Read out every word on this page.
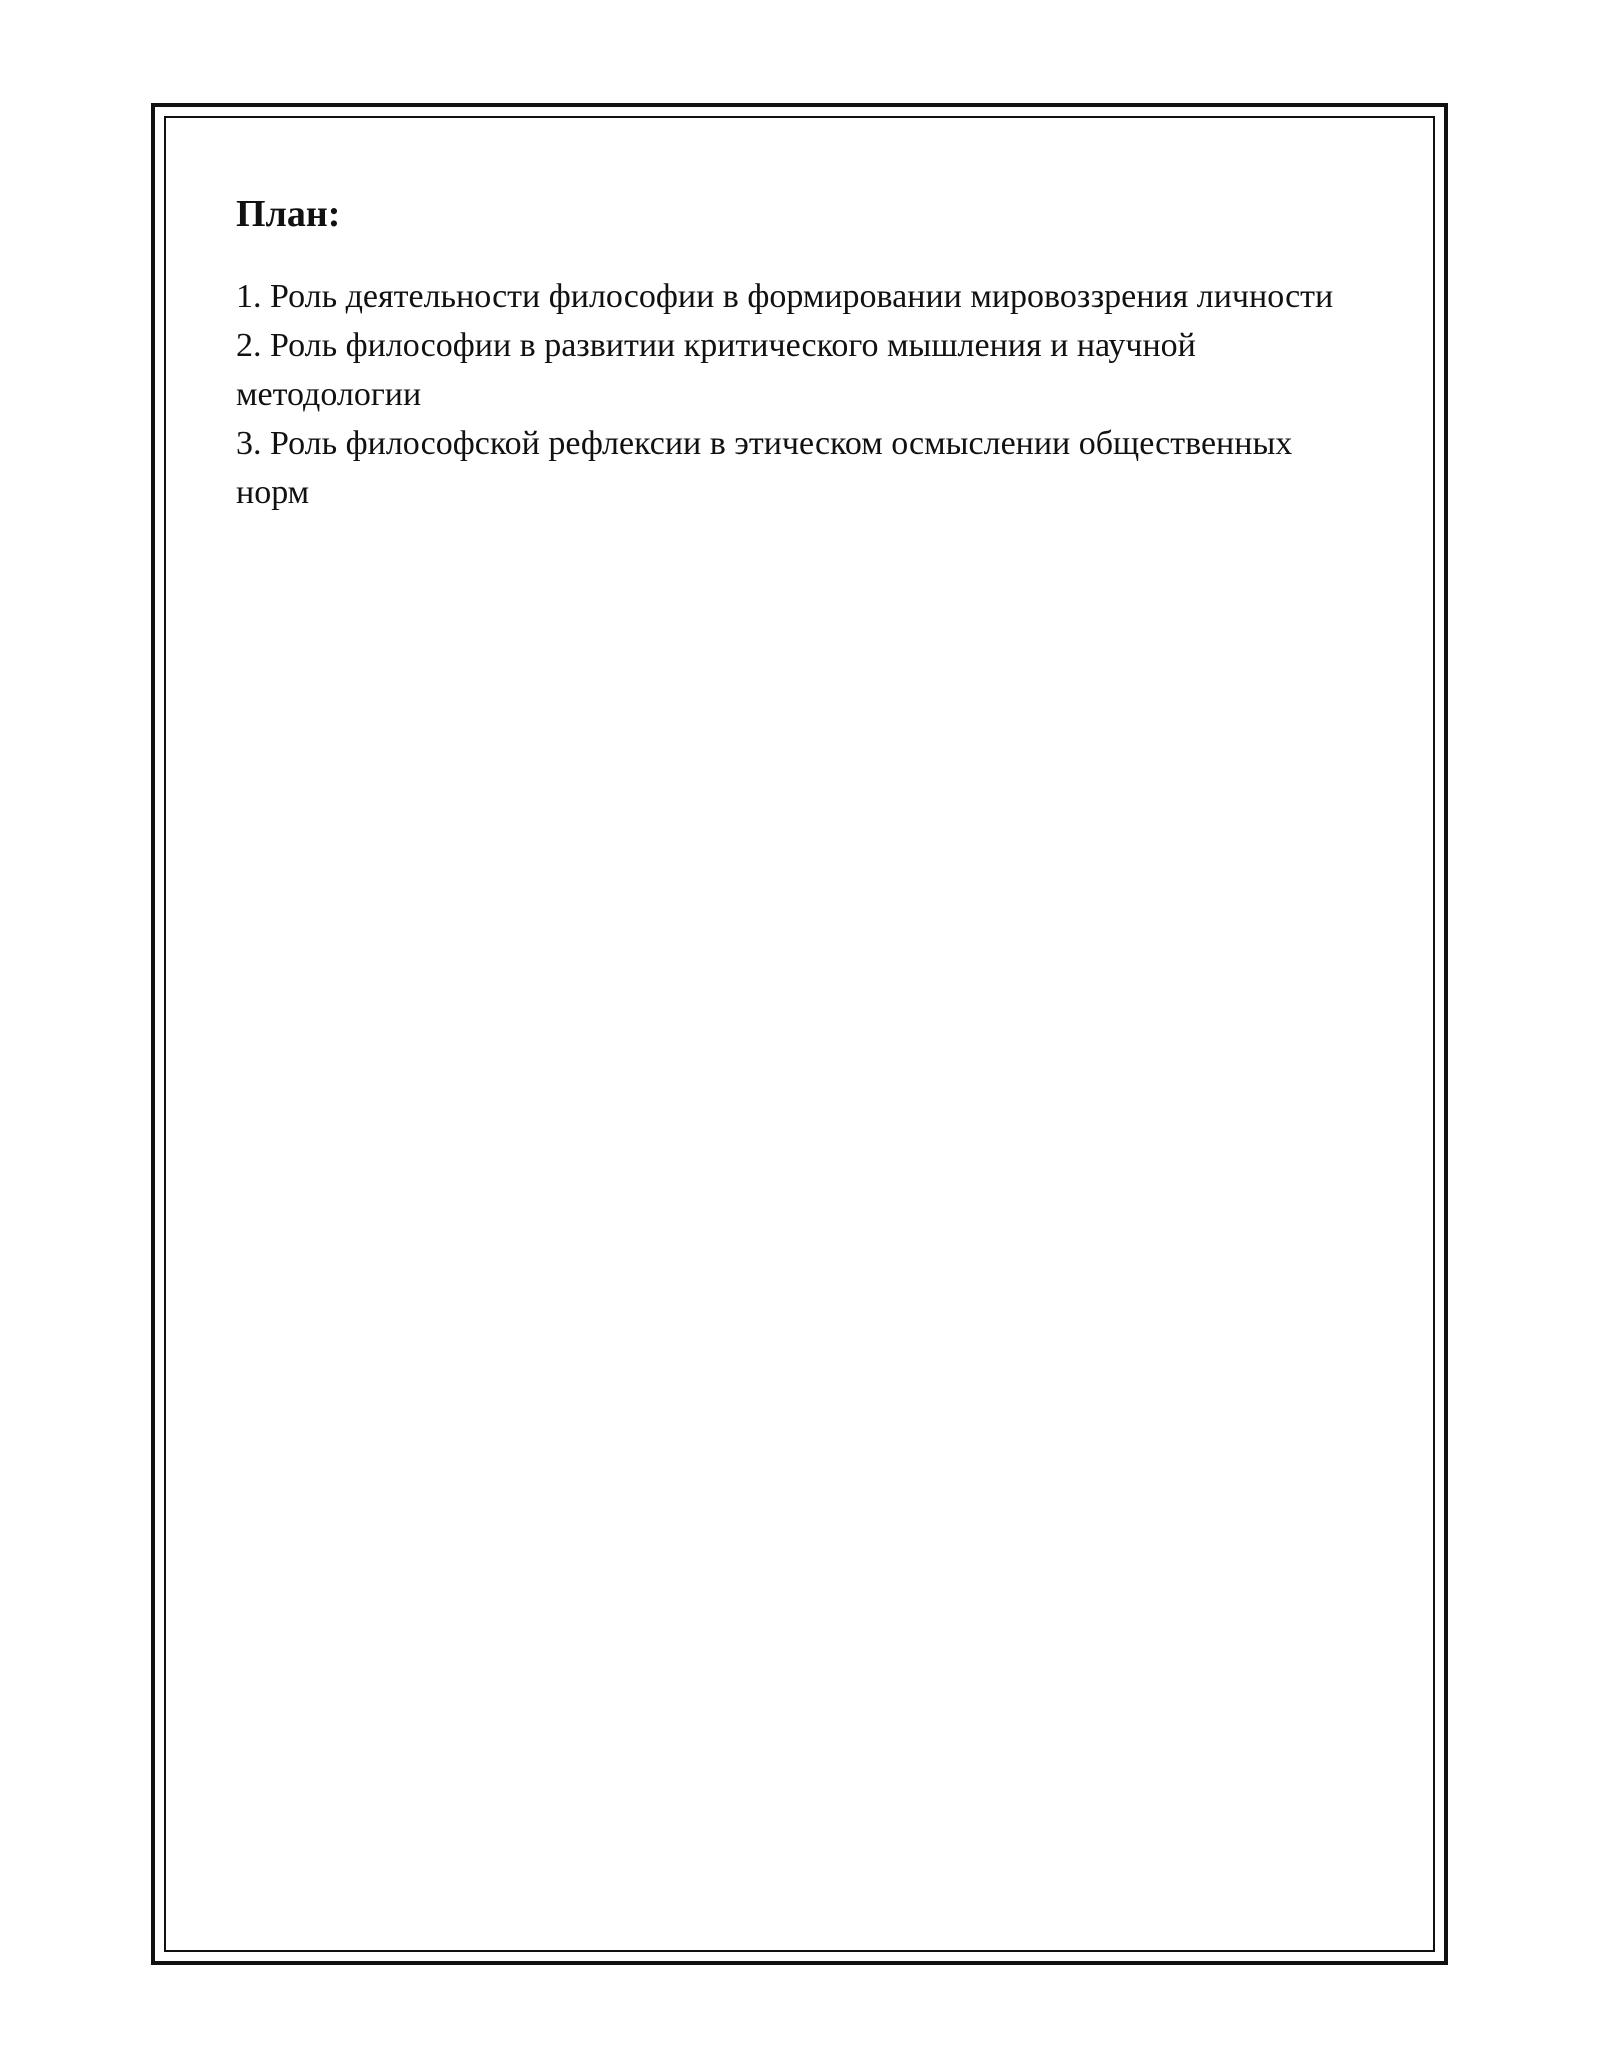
План:
1. Роль деятельности философии в формировании мировоззрения личности
2. Роль философии в развитии критического мышления и научной методологии
3. Роль философской рефлексии в этическом осмыслении общественных норм
